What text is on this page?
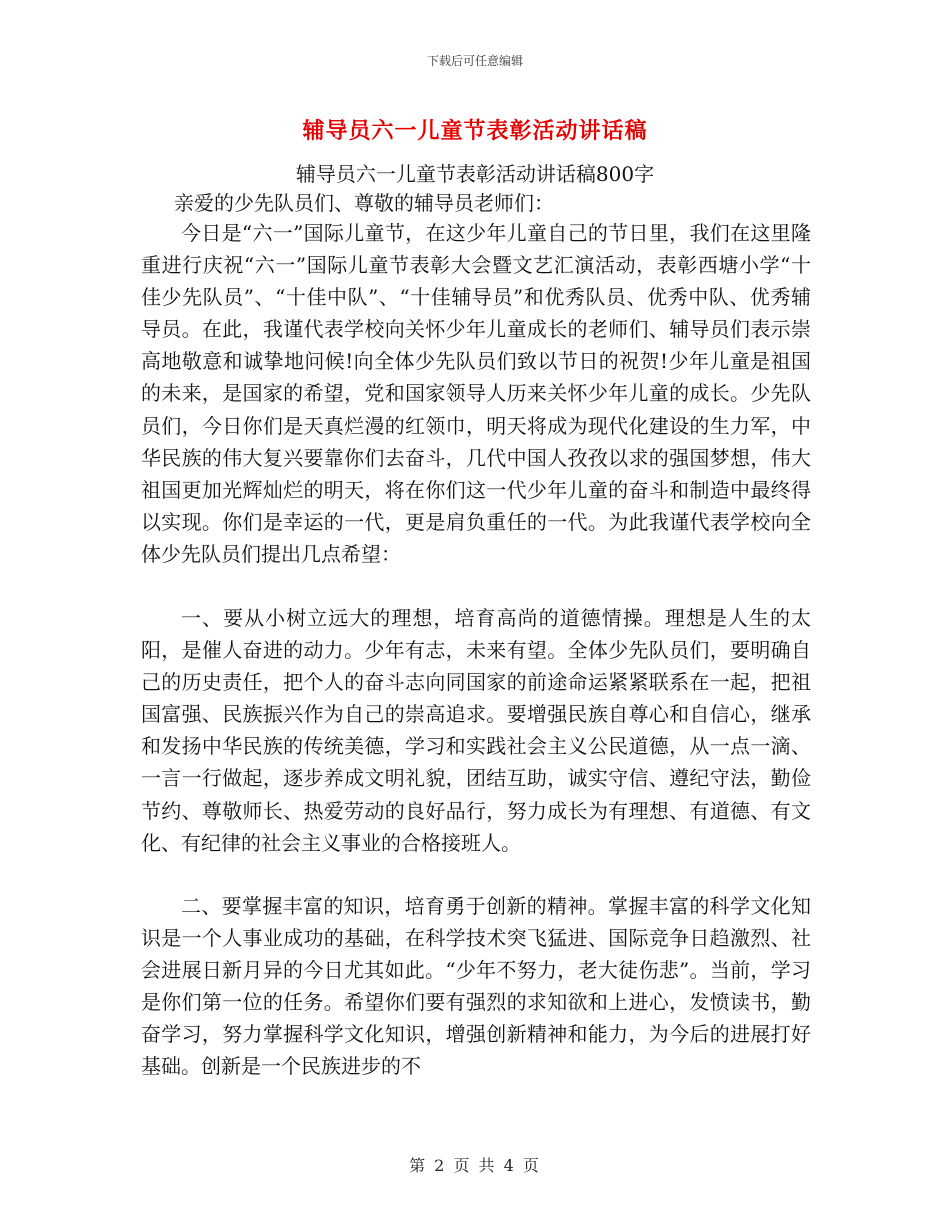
下载后可任意编辑
辅导员六一儿童节表彰活动讲话稿
辅导员六一儿童节表彰活动讲话稿800字
亲爱的少先队员们、尊敬的辅导员老师们：

今日是“六一”国际儿童节，在这少年儿童自己的节日里，我们在这里隆重进行庆祝“六一”国际儿童节表彰大会暨文艺汇演活动，表彰西塘小学“十佳少先队员”、“十佳中队”、“十佳辅导员”和优秀队员、优秀中队、优秀辅导员。在此，我谨代表学校向关怀少年儿童成长的老师们、辅导员们表示崇高地敬意和诚挚地问候!向全体少先队员们致以节日的祝贺!少年儿童是祖国的未来，是国家的希望，党和国家领导人历来关怀少年儿童的成长。少先队员们，今日你们是天真烂漫的红领巾，明天将成为现代化建设的生力军，中华民族的伟大复兴要靠你们去奋斗，几代中国人孜孜以求的强国梦想，伟大祖国更加光辉灿烂的明天，将在你们这一代少年儿童的奋斗和制造中最终得以实现。你们是幸运的一代，更是肩负重任的一代。为此我谨代表学校向全体少先队员们提出几点希望：

一、要从小树立远大的理想，培育高尚的道德情操。理想是人生的太阳，是催人奋进的动力。少年有志，未来有望。全体少先队员们，要明确自己的历史责任，把个人的奋斗志向同国家的前途命运紧紧联系在一起，把祖国富强、民族振兴作为自己的崇高追求。要增强民族自尊心和自信心，继承和发扬中华民族的传统美德，学习和实践社会主义公民道德，从一点一滴、一言一行做起，逐步养成文明礼貌，团结互助，诚实守信、遵纪守法，勤俭节约、尊敬师长、热爱劳动的良好品行，努力成长为有理想、有道德、有文化、有纪律的社会主义事业的合格接班人。

二、要掌握丰富的知识，培育勇于创新的精神。掌握丰富的科学文化知识是一个人事业成功的基础，在科学技术突飞猛进、国际竞争日趋激烈、社会进展日新月异的今日尤其如此。“少年不努力，老大徒伤悲”。当前，学习是你们第一位的任务。希望你们要有强烈的求知欲和上进心，发愤读书，勤奋学习，努力掌握科学文化知识，增强创新精神和能力，为今后的进展打好基础。创新是一个民族进步的不

第 2 页 共 4 页
